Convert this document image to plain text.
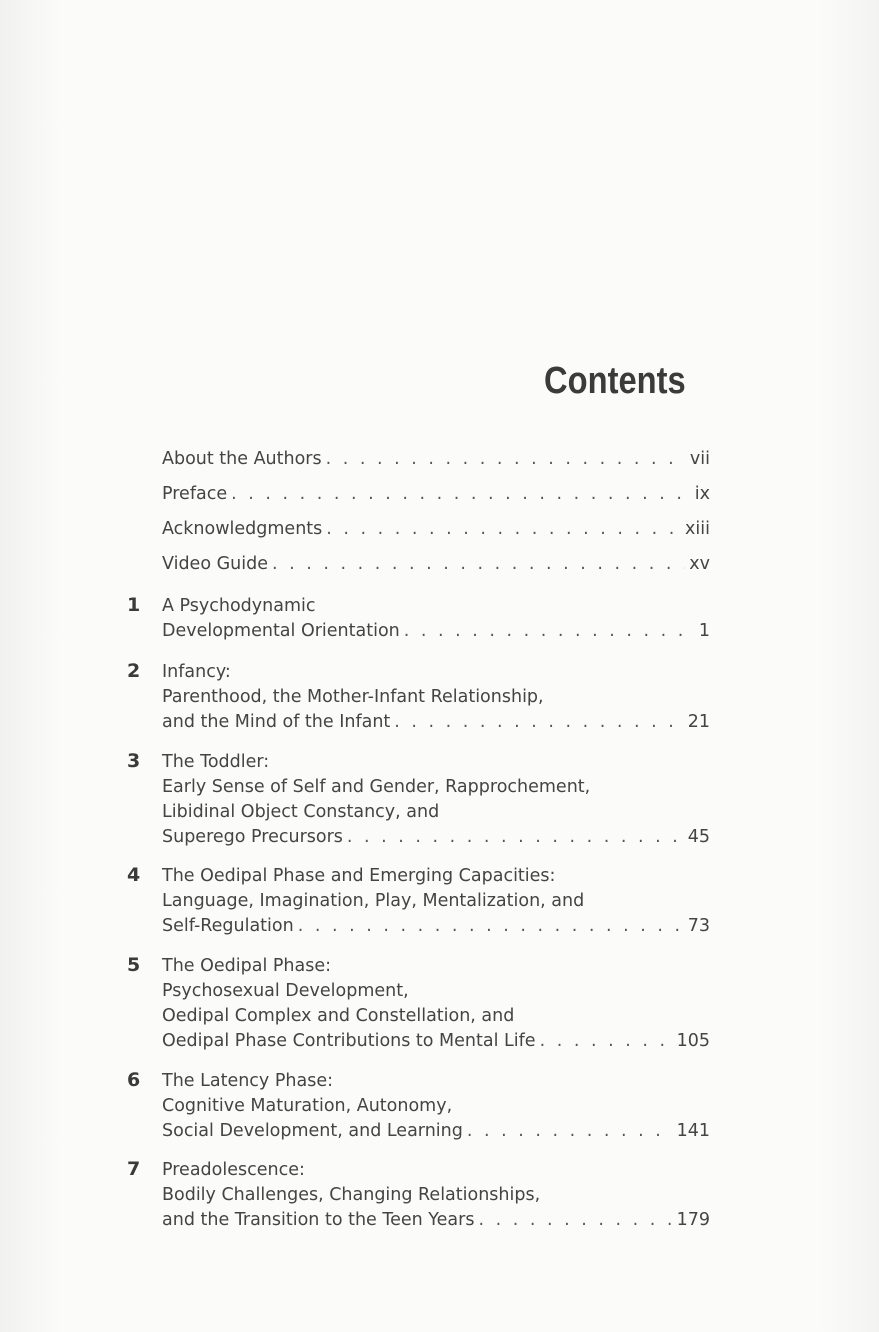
Contents
About the Authors . . .	vii
Preface . . .	ix
Acknowledgments . . .	xiii
Video Guide . . .	xv
1 A Psychodynamic
Developmental Orientation . . .	1
2 Infancy:
Parenthood, the Mother-Infant Relationship,
and the Mind of the Infant . . .	21
3 The Toddler:
Early Sense of Self and Gender, Rapprochement,
Libidinal Object Constancy, and
Superego Precursors . . .	45
4 The Oedipal Phase and Emerging Capacities:
Language, Imagination, Play, Mentalization, and
Self-Regulation . . .	73
5 The Oedipal Phase:
Psychosexual Development,
Oedipal Complex and Constellation, and
Oedipal Phase Contributions to Mental Life . . .	105
6 The Latency Phase:
Cognitive Maturation, Autonomy,
Social Development, and Learning . . .	141
7 Preadolescence:
Bodily Challenges, Changing Relationships,
and the Transition to the Teen Years . . .	179
